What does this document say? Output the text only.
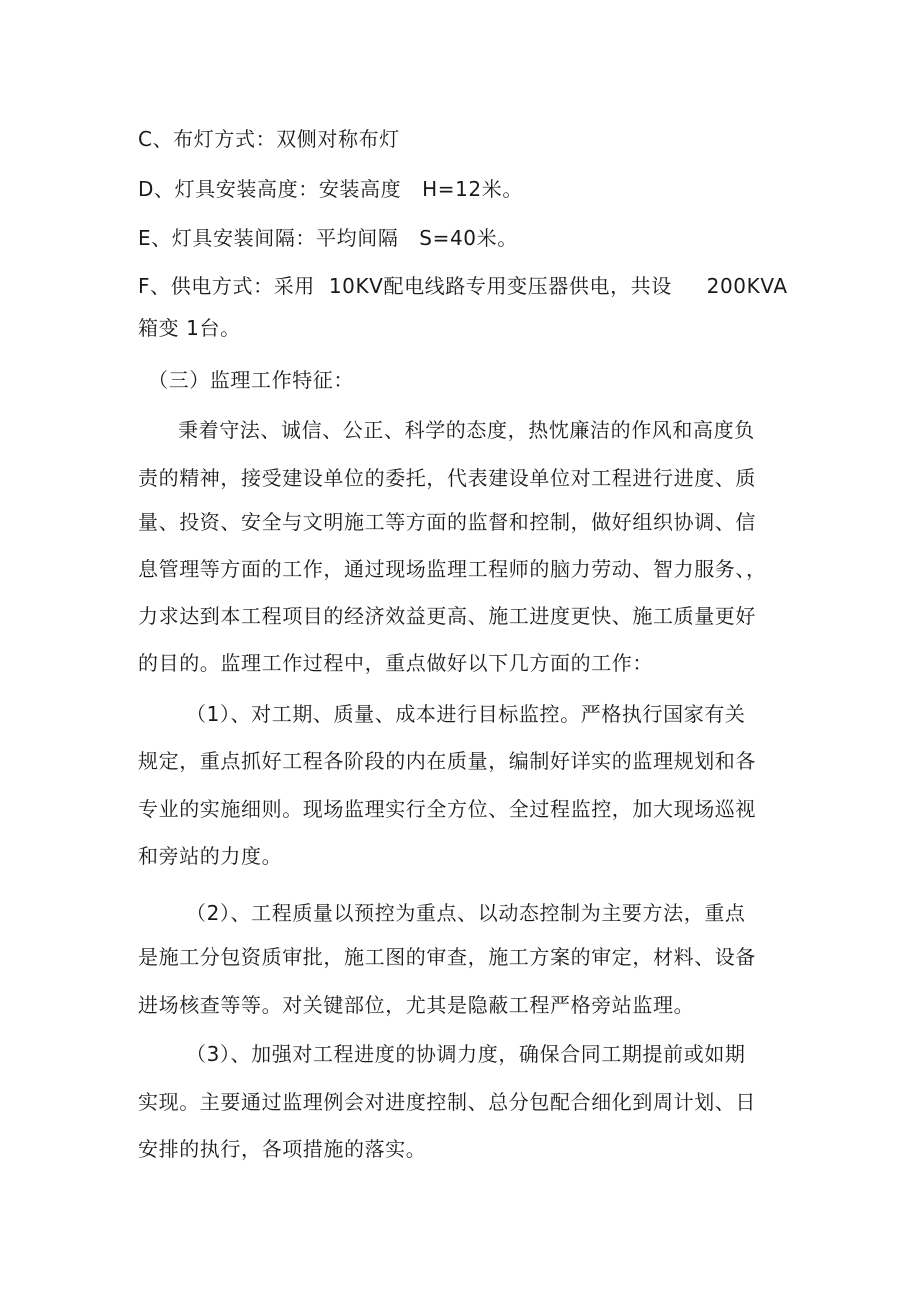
C、布灯方式：双侧对称布灯
D、灯具安装高度：安装高度   H=12米。
E、灯具安装间隔：平均间隔   S=40米。
F、供电方式：采用  10KV配电线路专用变压器供电，共设     200KVA
箱变 1台。
（三）监理工作特征：
秉着守法、诚信、公正、科学的态度，热忱廉洁的作风和高度负
责的精神，接受建设单位的委托，代表建设单位对工程进行进度、质
量、投资、安全与文明施工等方面的监督和控制，做好组织协调、信
息管理等方面的工作，通过现场监理工程师的脑力劳动、智力服务、，
力求达到本工程项目的经济效益更高、施工进度更快、施工质量更好
的目的。监理工作过程中，重点做好以下几方面的工作：
（1）、对工期、质量、成本进行目标监控。严格执行国家有关
规定，重点抓好工程各阶段的内在质量，编制好详实的监理规划和各
专业的实施细则。现场监理实行全方位、全过程监控，加大现场巡视
和旁站的力度。
（2）、工程质量以预控为重点、以动态控制为主要方法，重点
是施工分包资质审批，施工图的审查，施工方案的审定，材料、设备
进场核查等等。对关键部位，尤其是隐蔽工程严格旁站监理。
（3）、加强对工程进度的协调力度，确保合同工期提前或如期
实现。主要通过监理例会对进度控制、总分包配合细化到周计划、日
安排的执行，各项措施的落实。
